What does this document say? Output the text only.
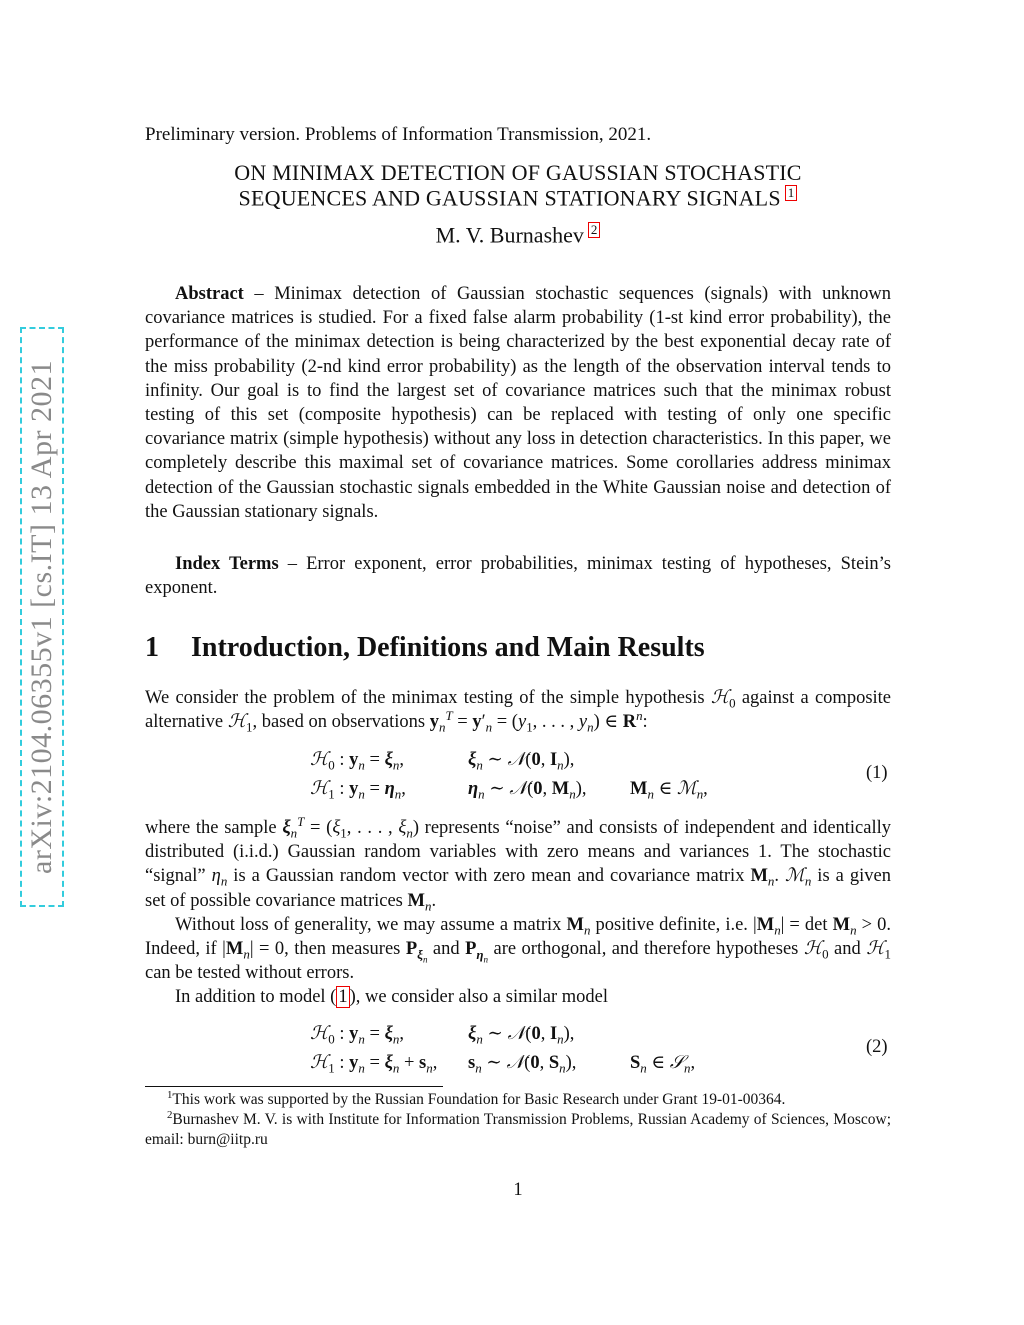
arXiv:2104.06355v1 [cs.IT] 13 Apr 2021
Preliminary version. Problems of Information Transmission, 2021.
ON MINIMAX DETECTION OF GAUSSIAN STOCHASTIC
SEQUENCES AND GAUSSIAN STATIONARY SIGNALS 1
M. V. Burnashev 2
Abstract – Minimax detection of Gaussian stochastic sequences (signals) with unknown covariance matrices is studied. For a fixed false alarm probability (1-st kind error probability), the performance of the minimax detection is being characterized by the best exponential decay rate of the miss probability (2-nd kind error probability) as the length of the observation interval tends to infinity. Our goal is to find the largest set of covariance matrices such that the minimax robust testing of this set (composite hypothesis) can be replaced with testing of only one specific covariance matrix (simple hypothesis) without any loss in detection characteristics. In this paper, we completely describe this maximal set of covariance matrices. Some corollaries address minimax detection of the Gaussian stochastic signals embedded in the White Gaussian noise and detection of the Gaussian stationary signals.
Index Terms – Error exponent, error probabilities, minimax testing of hypotheses, Stein’s exponent.
1 Introduction, Definitions and Main Results
We consider the problem of the minimax testing of the simple hypothesis ℋ$_0$ against a composite alternative ℋ$_1$, based on observations $y_n^T = y'_n = (y_1$, . . . , $y_n$) ∈ $R^n$:
ℋ$_0$ : $y_n = \xi_n$,	$\xi_n$ ∼ 𝒩(0, $I_n$),
ℋ$_1$ : $y_n = \eta_n$,	$\eta_n$ ∼ 𝒩(0, $M_n$), $M_n$ ∈ ℳ$_n$,
(1)

where the sample $\xi_n^T = (\xi_1$, . . . , $\xi_n$) represents “noise” and consists of independent and identically distributed (i.i.d.) Gaussian random variables with zero means and variances 1. The stochastic “signal” $\eta_n$ is a Gaussian random vector with zero mean and covariance matrix $M_n$. ℳ$_n$ is a given set of possible covariance matrices $M_n$.

Without loss of generality, we may assume a matrix $M_n$ positive definite, i.e. $|M_n| = \det M_n > 0$. Indeed, if $|M_n| = 0$, then measures $P_{\xi_n}$ and $P_{\eta_n}$ are orthogonal, and therefore hypotheses ℋ$_0$ and ℋ$_1$ can be tested without errors.

In addition to model ( 1 ), we consider also a similar model

ℋ$_0$ : $y_n = \xi_n$,	$\xi_n$ ∼ 𝒩(0, $I_n$),
ℋ$_1$ : $y_n = \xi_n + s_n$, $s_n$ ∼ 𝒩(0, $S_n$),	$S_n$ ∈ 𝒮$_n$,
(2)

$^1$This work was supported by the Russian Foundation for Basic Research under Grant 19-01-00364.

$^2$Burnashev M. V. is with Institute for Information Transmission Problems, Russian Academy of Sciences, Moscow; email: burn@iitp.ru

1
